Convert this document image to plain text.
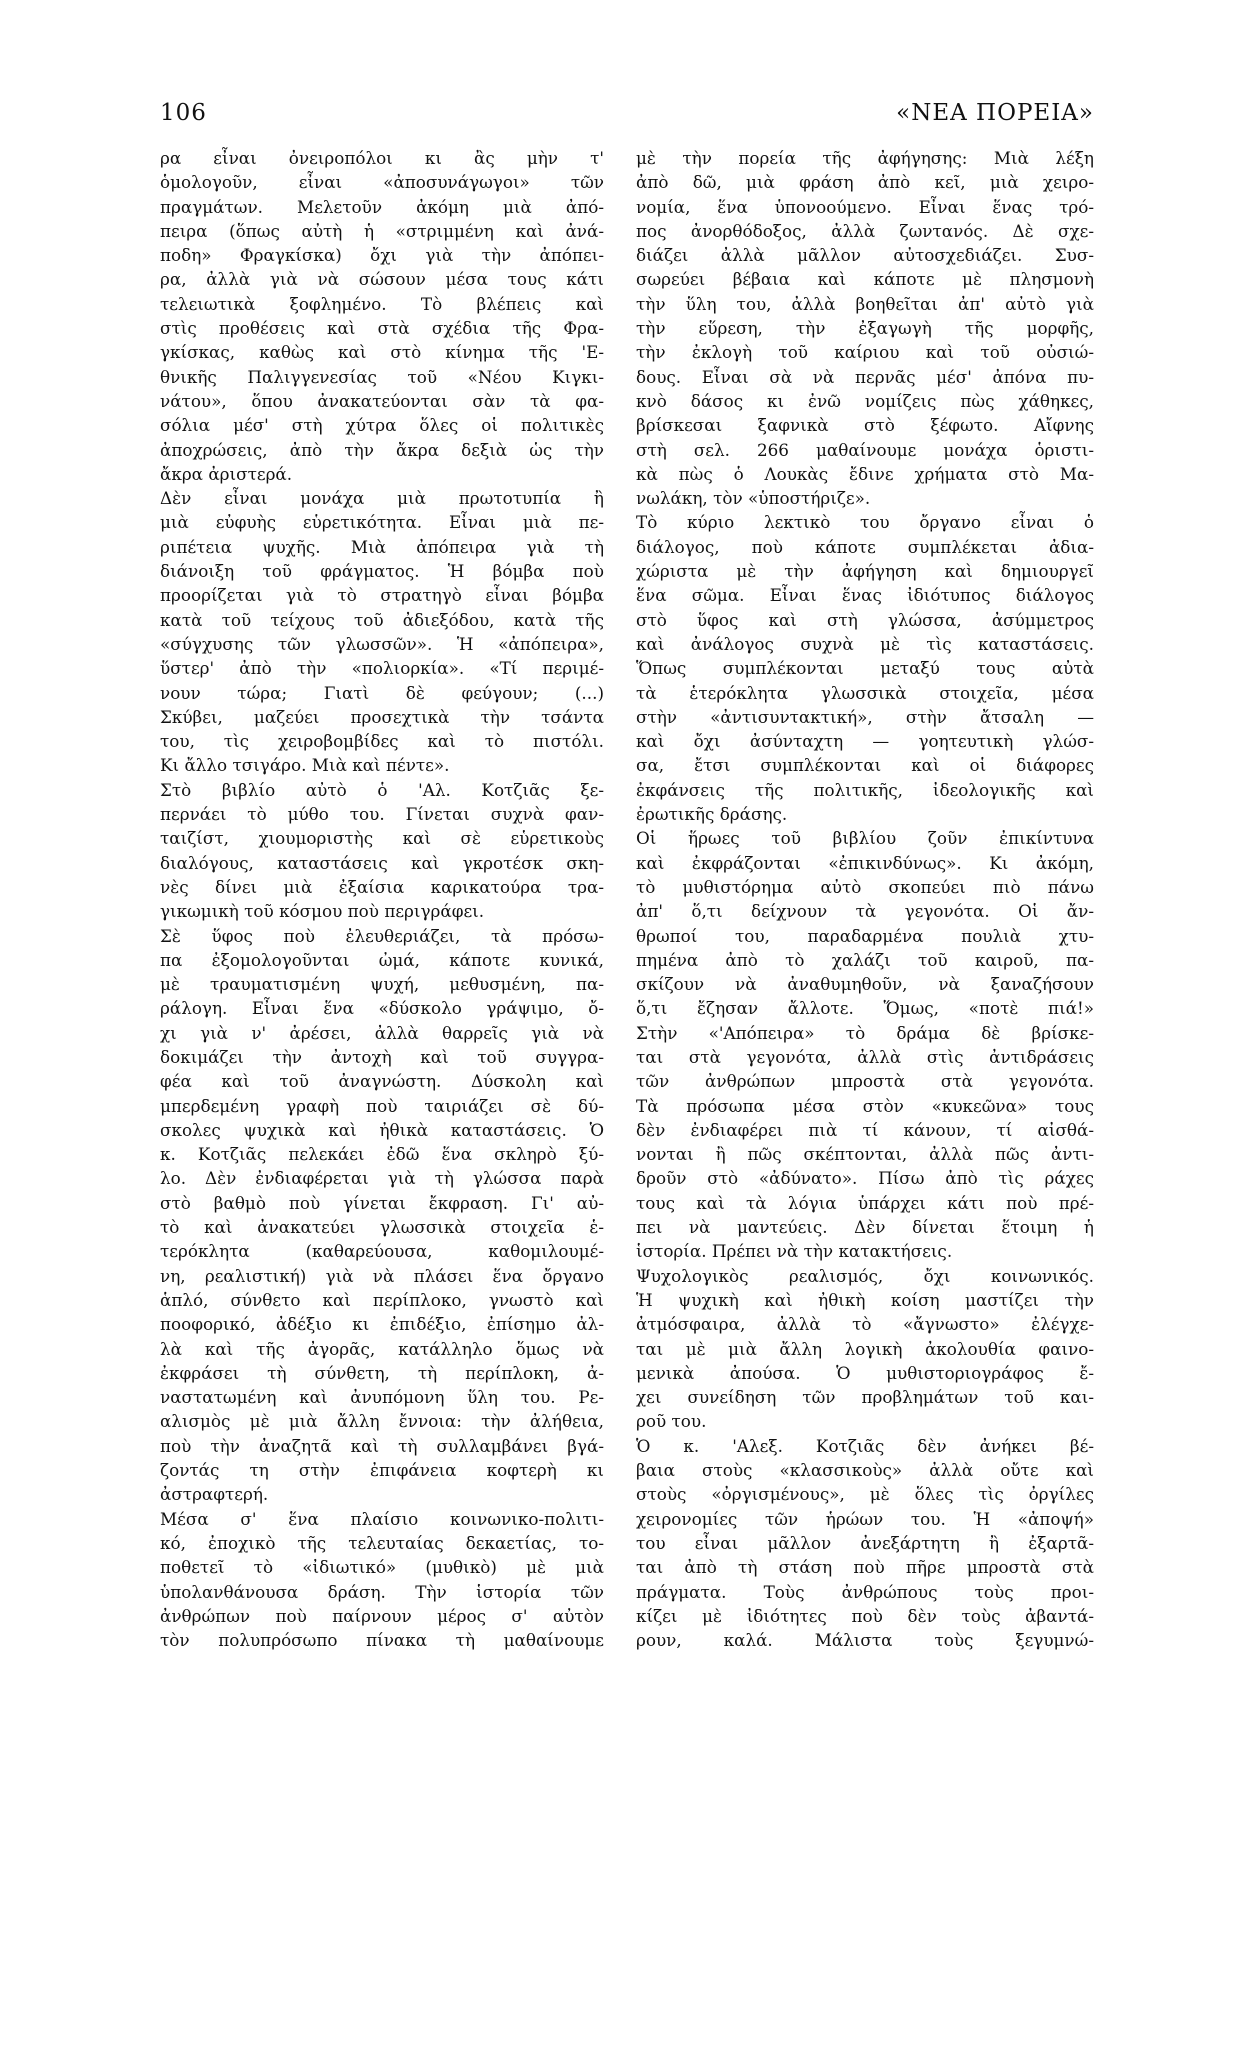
106	«ΝΕΑ ΠΟΡΕΙΑ»
ρα εἶναι ὀνειροπόλοι κι ἂς μὴν τ'
ὁμολογοῦν, εἶναι «ἀποσυνάγωγοι» τῶν
πραγμάτων. Μελετοῦν ἀκόμη μιὰ ἀπό-
πειρα (ὅπως αὐτὴ ἡ «στριμμένη καὶ ἀνά-
ποδη» Φραγκίσκα) ὄχι γιὰ τὴν ἀπόπει-
ρα, ἀλλὰ γιὰ νὰ σώσουν μέσα τους κάτι
τελειωτικὰ ξοφλημένο. Τὸ βλέπεις καὶ
στὶς προθέσεις καὶ στὰ σχέδια τῆς Φρα-
γκίσκας, καθὼς καὶ στὸ κίνημα τῆς 'Ε-
θνικῆς Παλιγγενεσίας τοῦ «Νέου Κιγκι-
νάτου», ὅπου ἀνακατεύονται σὰν τὰ φα-
σόλια μέσ' στὴ χύτρα ὅλες οἱ πολιτικὲς
ἀποχρώσεις, ἀπὸ τὴν ἄκρα δεξιὰ ὡς τὴν
ἄκρα ἀριστερά.
Δὲν εἶναι μονάχα μιὰ πρωτοτυπία ἢ
μιὰ εὐφυὴς εὑρετικότητα. Εἶναι μιὰ πε-
ριπέτεια ψυχῆς. Μιὰ ἀπόπειρα γιὰ τὴ
διάνοιξη τοῦ φράγματος. Ἡ βόμβα ποὺ
προορίζεται γιὰ τὸ στρατηγὸ εἶναι βόμβα
κατὰ τοῦ τείχους τοῦ ἀδιεξόδου, κατὰ τῆς
«σύγχυσης τῶν γλωσσῶν». Ἡ «ἀπόπειρα»,
ὕστερ' ἀπὸ τὴν «πολιορκία». «Τί περιμέ-
νουν τώρα; Γιατὶ δὲ φεύγουν; (...)
Σκύβει, μαζεύει προσεχτικὰ τὴν τσάντα
του, τὶς χειροβομβίδες καὶ τὸ πιστόλι.
Κι ἄλλο τσιγάρο. Μιὰ καὶ πέντε».
Στὸ βιβλίο αὐτὸ ὁ 'Αλ. Κοτζιᾶς ξε-
περνάει τὸ μύθο του. Γίνεται συχνὰ φαν-
ταιζίστ, χιουμοριστὴς καὶ σὲ εὑρετικοὺς
διαλόγους, καταστάσεις καὶ γκροτέσκ σκη-
νὲς δίνει μιὰ ἐξαίσια καρικατούρα τρα-
γικωμικὴ τοῦ κόσμου ποὺ περιγράφει.
Σὲ ὕφος ποὺ ἐλευθεριάζει, τὰ πρόσω-
πα ἐξομολογοῦνται ὠμά, κάποτε κυνικά,
μὲ τραυματισμένη ψυχή, μεθυσμένη, πα-
ράλογη. Εἶναι ἕνα «δύσκολο γράψιμο, ὄ-
χι γιὰ ν' ἀρέσει, ἀλλὰ θαρρεῖς γιὰ νὰ
δοκιμάζει τὴν ἀντοχὴ καὶ τοῦ συγγρα-
φέα καὶ τοῦ ἀναγνώστη. Δύσκολη καὶ
μπερδεμένη γραφὴ ποὺ ταιριάζει σὲ δύ-
σκολες ψυχικὰ καὶ ἠθικὰ καταστάσεις. Ὁ
κ. Κοτζιᾶς πελεκάει ἐδῶ ἕνα σκληρὸ ξύ-
λο. Δὲν ἐνδιαφέρεται γιὰ τὴ γλώσσα παρὰ
στὸ βαθμὸ ποὺ γίνεται ἔκφραση. Γι' αὐ-
τὸ καὶ ἀνακατεύει γλωσσικὰ στοιχεῖα ἑ-
τερόκλητα (καθαρεύουσα, καθομιλουμέ-
νη, ρεαλιστική) γιὰ νὰ πλάσει ἕνα ὄργανο
ἁπλό, σύνθετο καὶ περίπλοκο, γνωστὸ καὶ
ποοφορικό, ἀδέξιο κι ἐπιδέξιο, ἐπίσημο ἀλ-
λὰ καὶ τῆς ἀγορᾶς, κατάλληλο ὅμως νὰ
ἐκφράσει τὴ σύνθετη, τὴ περίπλοκη, ἀ-
ναστατωμένη καὶ ἀνυπόμονη ὕλη του. Ρε-
αλισμὸς μὲ μιὰ ἄλλη ἔννοια: τὴν ἀλήθεια,
ποὺ τὴν ἀναζητᾶ καὶ τὴ συλλαμβάνει βγά-
ζοντάς τη στὴν ἐπιφάνεια κοφτερὴ κι
ἀστραφτερή.
Μέσα σ' ἕνα πλαίσιο κοινωνικο-πολιτι-
κό, ἐποχικὸ τῆς τελευταίας δεκαετίας, το-
ποθετεῖ τὸ «ἰδιωτικό» (μυθικὸ) μὲ μιὰ
ὑπολανθάνουσα δράση. Τὴν ἱστορία τῶν
ἀνθρώπων ποὺ παίρνουν μέρος σ' αὐτὸν
τὸν πολυπρόσωπο πίνακα τὴ μαθαίνουμε
μὲ τὴν πορεία τῆς ἀφήγησης: Μιὰ λέξη
ἀπὸ δῶ, μιὰ φράση ἀπὸ κεῖ, μιὰ χειρο-
νομία, ἕνα ὑπονοούμενο. Εἶναι ἕνας τρό-
πος ἀνορθόδοξος, ἀλλὰ ζωντανός. Δὲ σχε-
διάζει ἀλλὰ μᾶλλον αὐτοσχεδιάζει. Συσ-
σωρεύει βέβαια καὶ κάποτε μὲ πλησμονὴ
τὴν ὕλη του, ἀλλὰ βοηθεῖται ἀπ' αὐτὸ γιὰ
τὴν εὕρεση, τὴν ἐξαγωγὴ τῆς μορφῆς,
τὴν ἐκλογὴ τοῦ καίριου καὶ τοῦ οὐσιώ-
δους. Εἶναι σὰ νὰ περνᾶς μέσ' ἀπόνα πυ-
κνὸ δάσος κι ἐνῶ νομίζεις πὼς χάθηκες,
βρίσκεσαι ξαφνικὰ στὸ ξέφωτο. Αἴφνης
στὴ σελ. 266 μαθαίνουμε μονάχα ὁριστι-
κὰ πὼς ὁ Λουκὰς ἔδινε χρήματα στὸ Μα-
νωλάκη, τὸν «ὑποστήριζε».
Τὸ κύριο λεκτικὸ του ὄργανο εἶναι ὁ
διάλογος, ποὺ κάποτε συμπλέκεται ἀδια-
χώριστα μὲ τὴν ἀφήγηση καὶ δημιουργεῖ
ἕνα σῶμα. Εἶναι ἕνας ἰδιότυπος διάλογος
στὸ ὕφος καὶ στὴ γλώσσα, ἀσύμμετρος
καὶ ἀνάλογος συχνὰ μὲ τὶς καταστάσεις.
Ὅπως συμπλέκονται μεταξύ τους αὐτὰ
τὰ ἑτερόκλητα γλωσσικὰ στοιχεῖα, μέσα
στὴν «ἀντισυντακτική», στὴν ἄτσαλη —
καὶ ὄχι ἀσύνταχτη — γοητευτικὴ γλώσ-
σα, ἔτσι συμπλέκονται καὶ οἱ διάφορες
ἐκφάνσεις τῆς πολιτικῆς, ἰδεολογικῆς καὶ
ἐρωτικῆς δράσης.
Οἱ ἥρωες τοῦ βιβλίου ζοῦν ἐπικίντυνα
καὶ ἐκφράζονται «ἐπικινδύνως». Κι ἀκόμη,
τὸ μυθιστόρημα αὐτὸ σκοπεύει πιὸ πάνω
ἀπ' ὅ,τι δείχνουν τὰ γεγονότα. Οἱ ἄν-
θρωποί του, παραδαρμένα πουλιὰ χτυ-
πημένα ἀπὸ τὸ χαλάζι τοῦ καιροῦ, πα-
σκίζουν νὰ ἀναθυμηθοῦν, νὰ ξαναζήσουν
ὅ,τι ἔζησαν ἄλλοτε. Ὅμως, «ποτὲ πιά!»
Στὴν «'Απόπειρα» τὸ δράμα δὲ βρίσκε-
ται στὰ γεγονότα, ἀλλὰ στὶς ἀντιδράσεις
τῶν ἀνθρώπων μπροστὰ στὰ γεγονότα.
Τὰ πρόσωπα μέσα στὸν «κυκεῶνα» τους
δὲν ἐνδιαφέρει πιὰ τί κάνουν, τί αἰσθά-
νονται ἢ πῶς σκέπτονται, ἀλλὰ πῶς ἀντι-
δροῦν στὸ «ἀδύνατο». Πίσω ἀπὸ τὶς ράχες
τους καὶ τὰ λόγια ὑπάρχει κάτι ποὺ πρέ-
πει νὰ μαντεύεις. Δὲν δίνεται ἕτοιμη ἡ
ἱστορία. Πρέπει νὰ τὴν κατακτήσεις.
Ψυχολογικὸς ρεαλισμός, ὄχι κοινωνικός.
Ἡ ψυχικὴ καὶ ἠθικὴ κοίση μαστίζει τὴν
ἀτμόσφαιρα, ἀλλὰ τὸ «ἄγνωστο» ἐλέγχε-
ται μὲ μιὰ ἄλλη λογικὴ ἀκολουθία φαινο-
μενικὰ ἀπούσα. Ὁ μυθιστοριογράφος ἔ-
χει συνείδηση τῶν προβλημάτων τοῦ και-
ροῦ του.
Ὁ κ. 'Αλεξ. Κοτζιᾶς δὲν ἀνήκει βέ-
βαια στοὺς «κλασσικοὺς» ἀλλὰ οὔτε καὶ
στοὺς «ὀργισμένους», μὲ ὅλες τὶς ὀργίλες
χειρονομίες τῶν ἡρώων του. Ἡ «ἀποψή»
του εἶναι μᾶλλον ἀνεξάρτητη ἢ ἐξαρτᾶ-
ται ἀπὸ τὴ στάση ποὺ πῆρε μπροστὰ στὰ
πράγματα. Τοὺς ἀνθρώπους τοὺς προι-
κίζει μὲ ἰδιότητες ποὺ δὲν τοὺς ἀβαντά-
ρουν, καλά. Μάλιστα τοὺς ξεγυμνώ-
